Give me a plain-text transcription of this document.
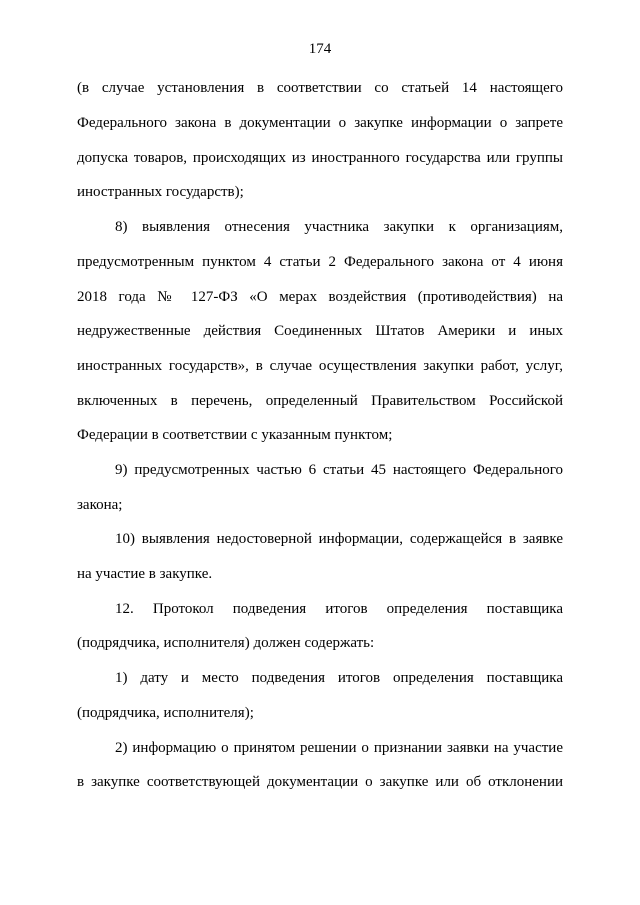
174
(в случае установления в соответствии со статьей 14 настоящего
Федерального закона в документации о закупке информации о запрете
допуска товаров, происходящих из иностранного государства или группы
иностранных государств);
8) выявления отнесения участника закупки к организациям,
предусмотренным пунктом 4 статьи 2 Федерального закона от 4 июня
2018 года № 127-ФЗ «О мерах воздействия (противодействия) на
недружественные действия Соединенных Штатов Америки и иных
иностранных государств», в случае осуществления закупки работ, услуг,
включенных в перечень, определенный Правительством Российской
Федерации в соответствии с указанным пунктом;
9) предусмотренных частью 6 статьи 45 настоящего Федерального
закона;
10) выявления недостоверной информации, содержащейся в заявке
на участие в закупке.
12. Протокол подведения итогов определения поставщика
(подрядчика, исполнителя) должен содержать:
1) дату и место подведения итогов определения поставщика
(подрядчика, исполнителя);
2) информацию о принятом решении о признании заявки на участие
в закупке соответствующей документации о закупке или об отклонении
